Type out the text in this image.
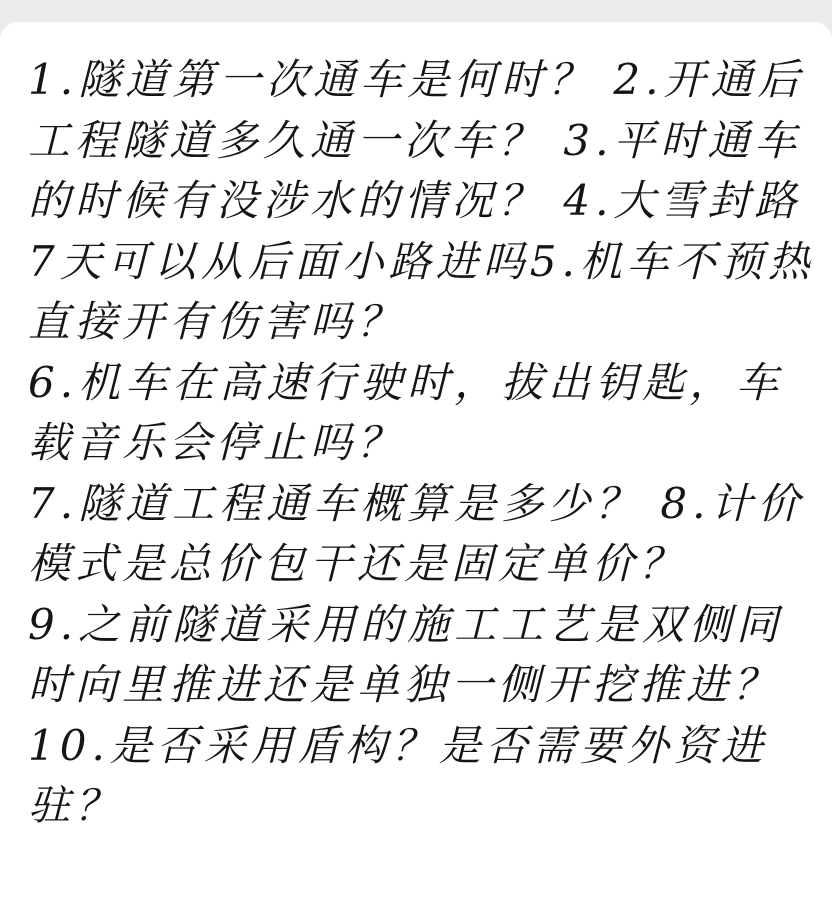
1.隧道第一次通车是何时？ 2.开通后工程隧道多久通一次车？ 3.平时通车的时候有没涉水的情况？ 4.大雪封路7天可以从后面小路进吗5.机车不预热直接开有伤害吗？
6.机车在高速行驶时，拔出钥匙，车载音乐会停止吗？
7.隧道工程通车概算是多少？ 8.计价模式是总价包干还是固定单价？
9.之前隧道采用的施工工艺是双侧同时向里推进还是单独一侧开挖推进？
10.是否采用盾构？是否需要外资进驻？
